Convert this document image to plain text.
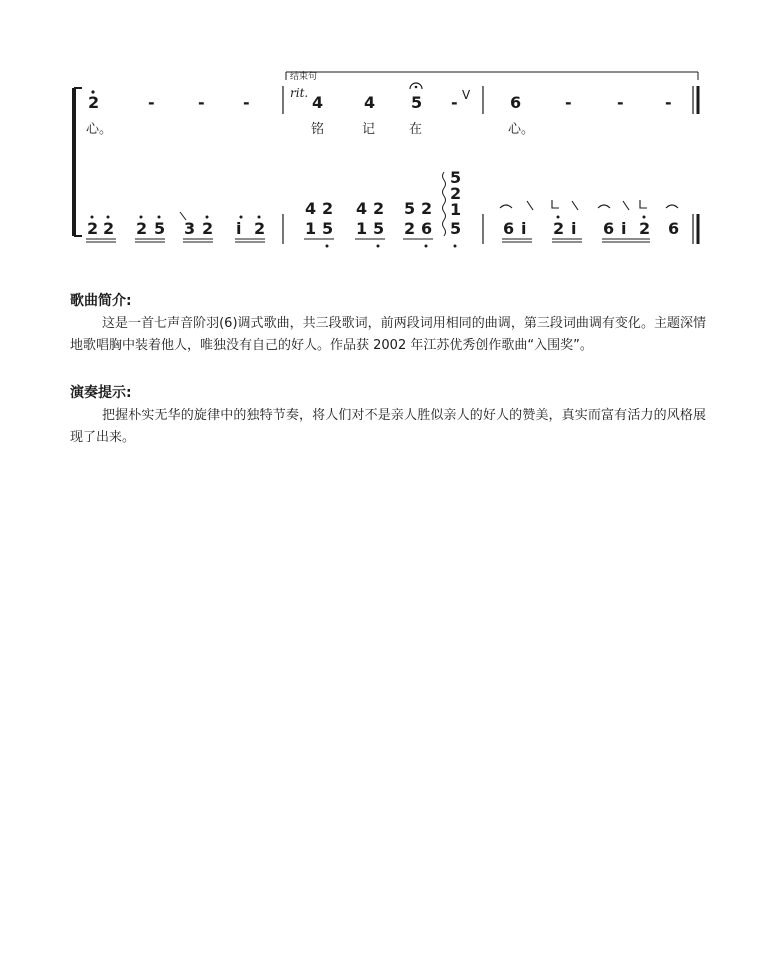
结束句
rit.
2	-	- -	4	4 5 - V 6	-	-	-
心。	铭	记	在	心。
2 2 2 5 3 2 i 2
4 2 4 2 5 2
1 5 1 5 2 6
5
2
1
5	6 i 2 i 6 i 2 6
歌曲简介:

这是一首七声音阶羽(6)调式歌曲，共三段歌词，前两段词用相同的曲调，第三段词曲调有变化。主题深情地歌唱胸中装着他人，唯独没有自己的好人。作品获 2002 年江苏优秀创作歌曲“入围奖”。

演奏提示:

把握朴实无华的旋律中的独特节奏，将人们对不是亲人胜似亲人的好人的赞美，真实而富有活力的风格展现了出来。
